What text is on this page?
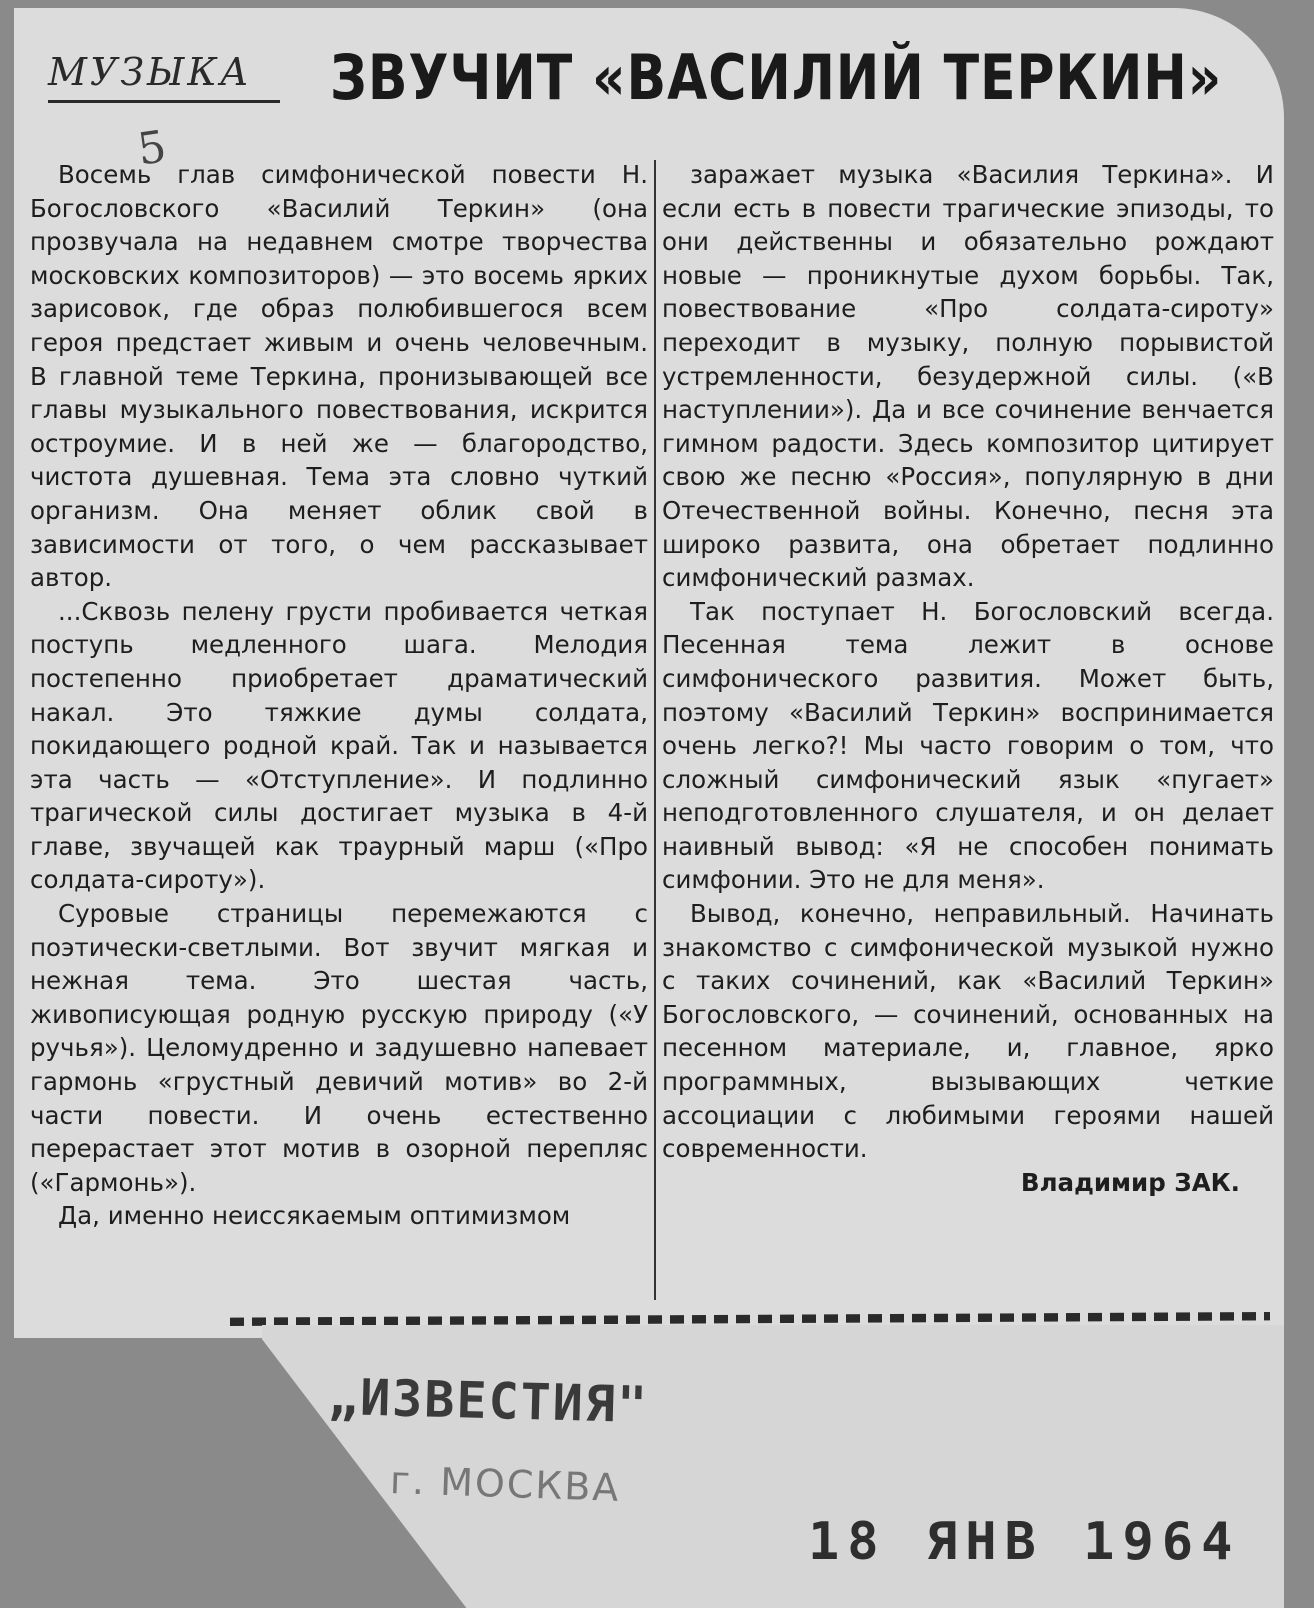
МУЗЫКА
5
ЗВУЧИТ «ВАСИЛИЙ ТЕРКИН»

Восемь глав симфонической повести Н. Богословского «Василий Теркин» (она прозвучала на недавнем смотре творчества московских композиторов) — это восемь ярких зарисовок, где образ полюбившегося всем героя предстает живым и очень человечным. В главной теме Теркина, пронизывающей все главы музыкального повествования, искрится остроумие. И в ней же — благородство, чистота душевная. Тема эта словно чуткий организм. Она меняет облик свой в зависимости от того, о чем рассказывает автор.

...Сквозь пелену грусти пробивается четкая поступь медленного шага. Мелодия постепенно приобретает драматический накал. Это тяжкие думы солдата, покидающего родной край. Так и называется эта часть — «Отступление». И подлинно трагической силы достигает музыка в 4-й главе, звучащей как траурный марш («Про солдата-сироту»).

Суровые страницы перемежаются с поэтически-светлыми. Вот звучит мягкая и нежная тема. Это шестая часть, живописующая родную русскую природу («У ручья»). Целомудренно и задушевно напевает гармонь «грустный девичий мотив» во 2-й части повести. И очень естественно перерастает этот мотив в озорной перепляс («Гармонь»).

Да, именно неиссякаемым оптимизмом

заражает музыка «Василия Теркина». И если есть в повести трагические эпизоды, то они действенны и обязательно рождают новые — проникнутые духом борьбы. Так, повествование «Про солдата-сироту» переходит в музыку, полную порывистой устремленности, безудержной силы. («В наступлении»). Да и все сочинение венчается гимном радости. Здесь композитор цитирует свою же песню «Россия», популярную в дни Отечественной войны. Конечно, песня эта широко развита, она обретает подлинно симфонический размах.

Так поступает Н. Богословский всегда. Песенная тема лежит в основе симфонического развития. Может быть, поэтому «Василий Теркин» воспринимается очень легко?! Мы часто говорим о том, что сложный симфонический язык «пугает» неподготовленного слушателя, и он делает наивный вывод: «Я не способен понимать симфонии. Это не для меня».

Вывод, конечно, неправильный. Начинать знакомство с симфонической музыкой нужно с таких сочинений, как «Василий Теркин» Богословского, — сочинений, основанных на песенном материале, и, главное, ярко программных, вызывающих четкие ассоциации с любимыми героями нашей современности.

Владимир ЗАК.

„ИЗВЕСТИЯ"
г. МОСКВА
18 ЯНВ 1964
